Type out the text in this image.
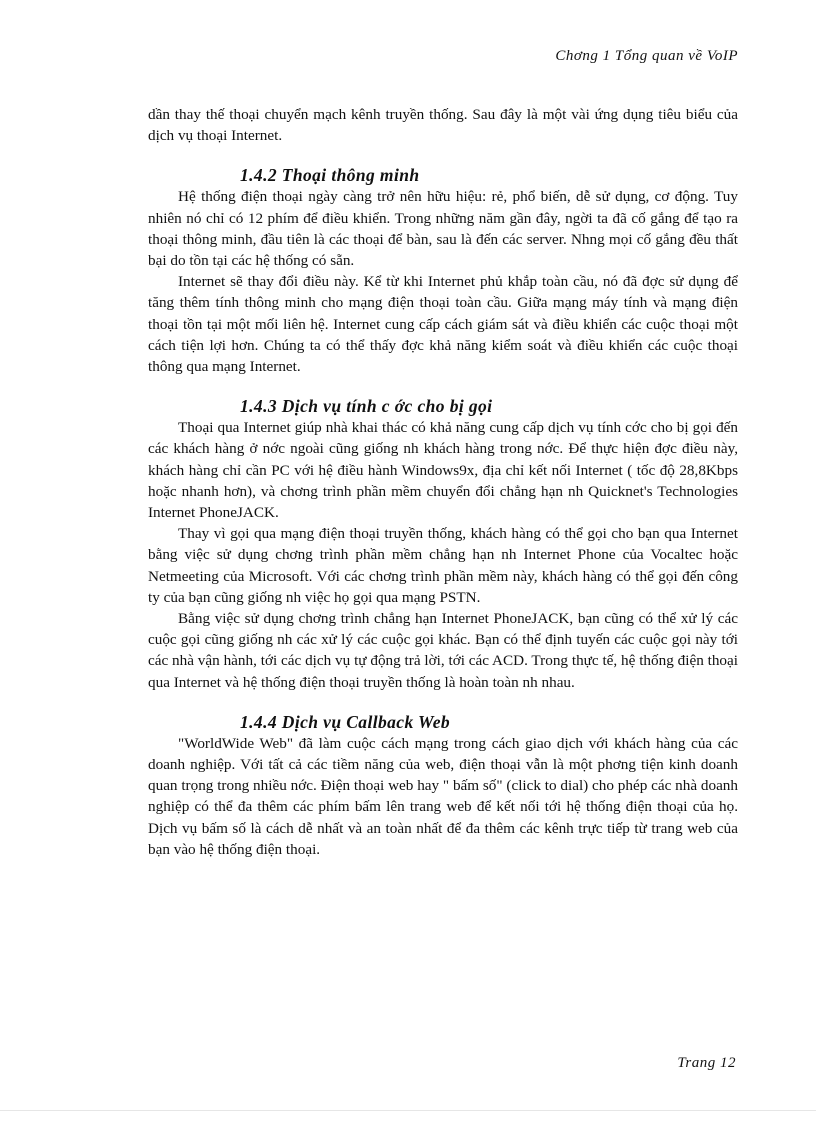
Chơng 1 Tổng quan về VoIP

dần thay thế thoại chuyển mạch kênh truyền thống. Sau đây là một vài ứng dụng tiêu biểu của dịch vụ thoại Internet.

1.4.2 Thoại thông minh

Hệ thống điện thoại ngày càng trở nên hữu hiệu: rẻ, phổ biến, dễ sử dụng, cơ động. Tuy nhiên nó chỉ có 12 phím để điều khiển. Trong những năm gần đây, ngời ta đã cố gắng để tạo ra thoại thông minh, đầu tiên là các thoại để bàn, sau là đến các server. Nhng mọi cố gắng đều thất bại do tồn tại các hệ thống có sẵn.

Internet sẽ thay đổi điều này. Kể từ khi Internet phủ khắp toàn cầu, nó đã đợc sử dụng để tăng thêm tính thông minh cho mạng điện thoại toàn cầu. Giữa mạng máy tính và mạng điện thoại tồn tại một mối liên hệ. Internet cung cấp cách giám sát và điều khiển các cuộc thoại một cách tiện lợi hơn. Chúng ta có thể thấy đợc khả năng kiểm soát và điều khiển các cuộc thoại thông qua mạng Internet.

1.4.3 Dịch vụ tính c ớc cho bị gọi

Thoại qua Internet giúp nhà khai thác có khả năng cung cấp dịch vụ tính cớc cho bị gọi đến các khách hàng ở nớc ngoài cũng giống nh khách hàng trong nớc. Để thực hiện đợc điều này, khách hàng chỉ cần PC với hệ điều hành Windows9x, địa chỉ kết nối Internet ( tốc độ 28,8Kbps hoặc nhanh hơn), và chơng trình phần mềm chuyển đổi chẳng hạn nh Quicknet's Technologies Internet PhoneJACK.

Thay vì gọi qua mạng điện thoại truyền thống, khách hàng có thể gọi cho bạn qua Internet bằng việc sử dụng chơng trình phần mềm chẳng hạn nh Internet Phone của Vocaltec hoặc Netmeeting của Microsoft. Với các chơng trình phần mềm này, khách hàng có thể gọi đến công ty của bạn cũng giống nh việc họ gọi qua mạng PSTN.

Bằng việc sử dụng chơng trình chẳng hạn Internet PhoneJACK, bạn cũng có thể xử lý các cuộc gọi cũng giống nh các xử lý các cuộc gọi khác. Bạn có thể định tuyến các cuộc gọi này tới các nhà vận hành, tới các dịch vụ tự động trả lời, tới các ACD. Trong thực tế, hệ thống điện thoại qua Internet và hệ thống điện thoại truyền thống là hoàn toàn nh nhau.

1.4.4 Dịch vụ Callback Web

"WorldWide Web" đã làm cuộc cách mạng trong cách giao dịch với khách hàng của các doanh nghiệp. Với tất cả các tiềm năng của web, điện thoại vẫn là một phơng tiện kinh doanh quan trọng trong nhiều nớc. Điện thoại web hay " bấm số" (click to dial) cho phép các nhà doanh nghiệp có thể đa thêm các phím bấm lên trang web để kết nối tới hệ thống điện thoại của họ. Dịch vụ bấm số là cách dễ nhất và an toàn nhất để đa thêm các kênh trực tiếp từ trang web của bạn vào hệ thống điện thoại.

Trang 12
